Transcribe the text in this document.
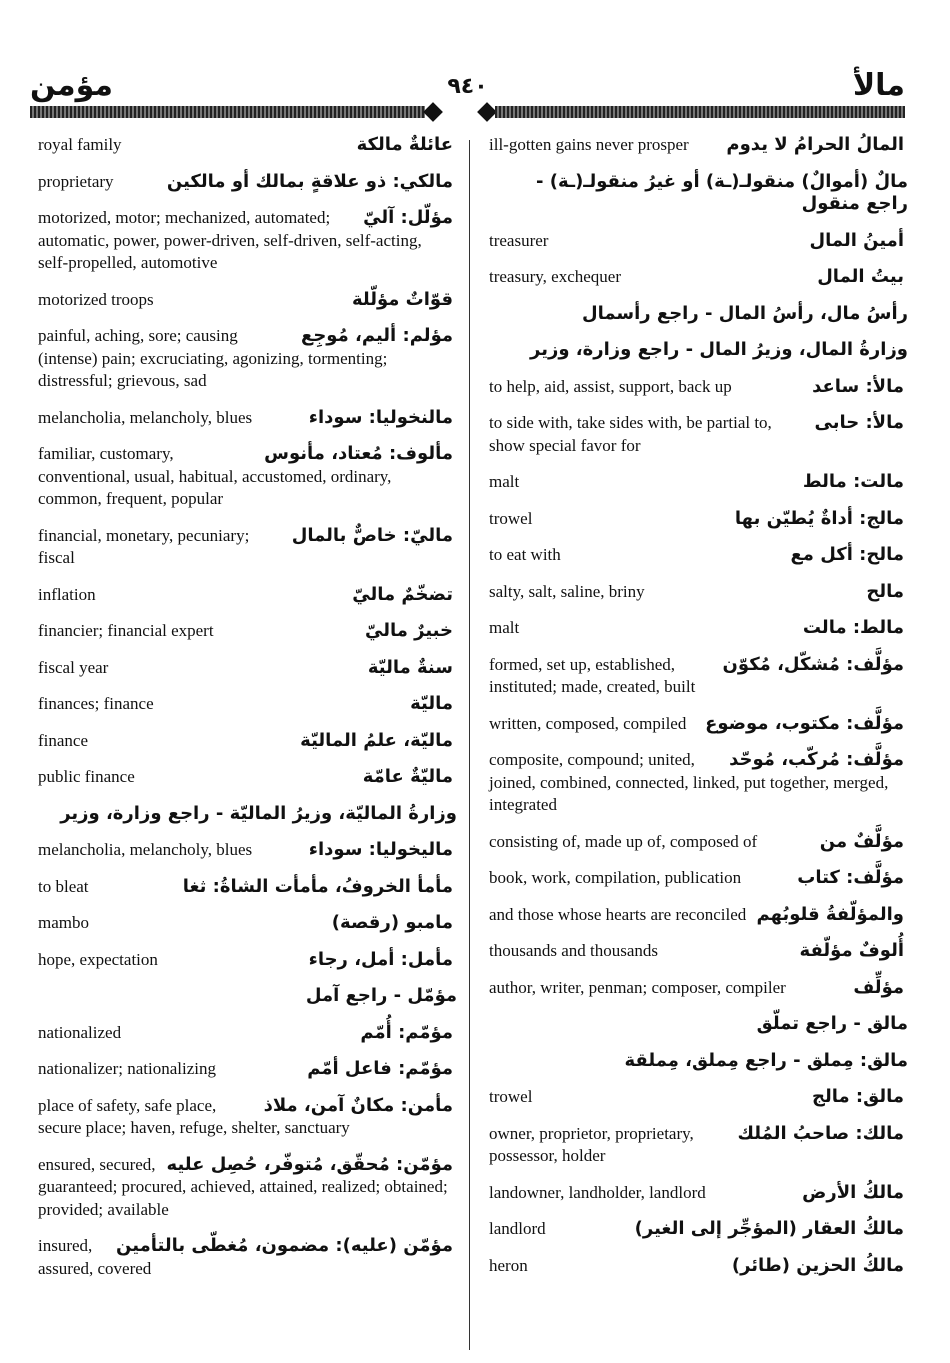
مؤمن	٩٤٠	مالأ
عائلةٌ مالكة
royal family
مالكي: ذو علاقةٍ بمالك أو مالكين
proprietary
مؤلّل: آليّ
motorized, motor; mechanized, automated; automatic, power, power-driven, self-driven, self-acting, self-propelled, automotive
قوّاتٌ مؤلّلة
motorized troops
مؤلم: أليم، مُوجِع
painful, aching, sore; causing (intense) pain; excruciating, agonizing, tormenting; distressful; grievous, sad
مالنخوليا: سوداء
melancholia, melancholy, blues
مألوف: مُعتاد، مأنوس
familiar, customary, conventional, usual, habitual, accustomed, ordinary, common, frequent, popular
ماليّ: خاصٌّ بالمال
financial, monetary, pecuniary; fiscal
تضخّمٌ ماليّ
inflation
خبيرٌ ماليّ
financier; financial expert
سنةٌ ماليّة
fiscal year
ماليّة
finances; finance
ماليّة، علمُ الماليّة
finance
ماليّةٌ عامّة
public finance
وزارةُ الماليّة، وزيرُ الماليّة - راجع وزارة، وزير
ماليخوليا: سوداء
melancholia, melancholy, blues
مأمأ الخروفُ، مأمأت الشاةُ: ثغا
to bleat
مامبو (رقصة)
mambo
مأمل: أمل، رجاء
hope, expectation
مؤمّل - راجع آمل
مؤمّم: أُمّم
nationalized
مؤمّم: فاعل أمّم
nationalizer; nationalizing
مأمن: مكانٌ آمن، ملاذ
place of safety, safe place, secure place; haven, refuge, shelter, sanctuary
مؤمّن: مُحقّق، مُتوفّر، حُصِل عليه
ensured, secured, guaranteed; procured, achieved, attained, realized; obtained; provided; available
مؤمّن (عليه): مضمون، مُغطّى بالتأمين
insured, assured, covered
المالُ الحرامُ لا يدوم
ill-gotten gains never prosper
مالٌ (أموالٌ) منقولـ(ـة) أو غيرُ منقولـ(ـة) - راجع منقول
أمينُ المال
treasurer
بيتُ المال
treasury, exchequer
رأسُ مال، رأسُ المال - راجع رأسمال
وزارةُ المال، وزيرُ المال - راجع وزارة، وزير
مالأ: ساعد
to help, aid, assist, support, back up
مالأ: حابى
to side with, take sides with, be partial to, show special favor for
مالت: مالط
malt
مالج: أداةٌ يُطيّن بها
trowel
مالح: أكل مع
to eat with
مالح
salty, salt, saline, briny
مالط: مالت
malt
مؤلَّف: مُشكّل، مُكوّن
formed, set up, established, instituted; made, created, built
مؤلَّف: مكتوب، موضوع
written, composed, compiled
مؤلَّف: مُركّب، مُوحّد
composite, compound; united, joined, combined, connected, linked, put together, merged, integrated
مؤلَّفٌ من
consisting of, made up of, composed of
مؤلَّف: كتاب
book, work, compilation, publication
والمؤلّفةُ قلوبُهم
and those whose hearts are reconciled
أُلوفٌ مؤلّفة
thousands and thousands
مؤلِّف
author, writer, penman; composer, compiler
مالق - راجع تملّق
مالق: مِملق - راجع مِملق، مِملقة
مالق: مالج
trowel
مالك: صاحبُ المُلك
owner, proprietor, proprietary, possessor, holder
مالكُ الأرض
landowner, landholder, landlord
مالكُ العقار (المؤجِّر إلى الغير)
landlord
مالكُ الحزين (طائر)
heron
